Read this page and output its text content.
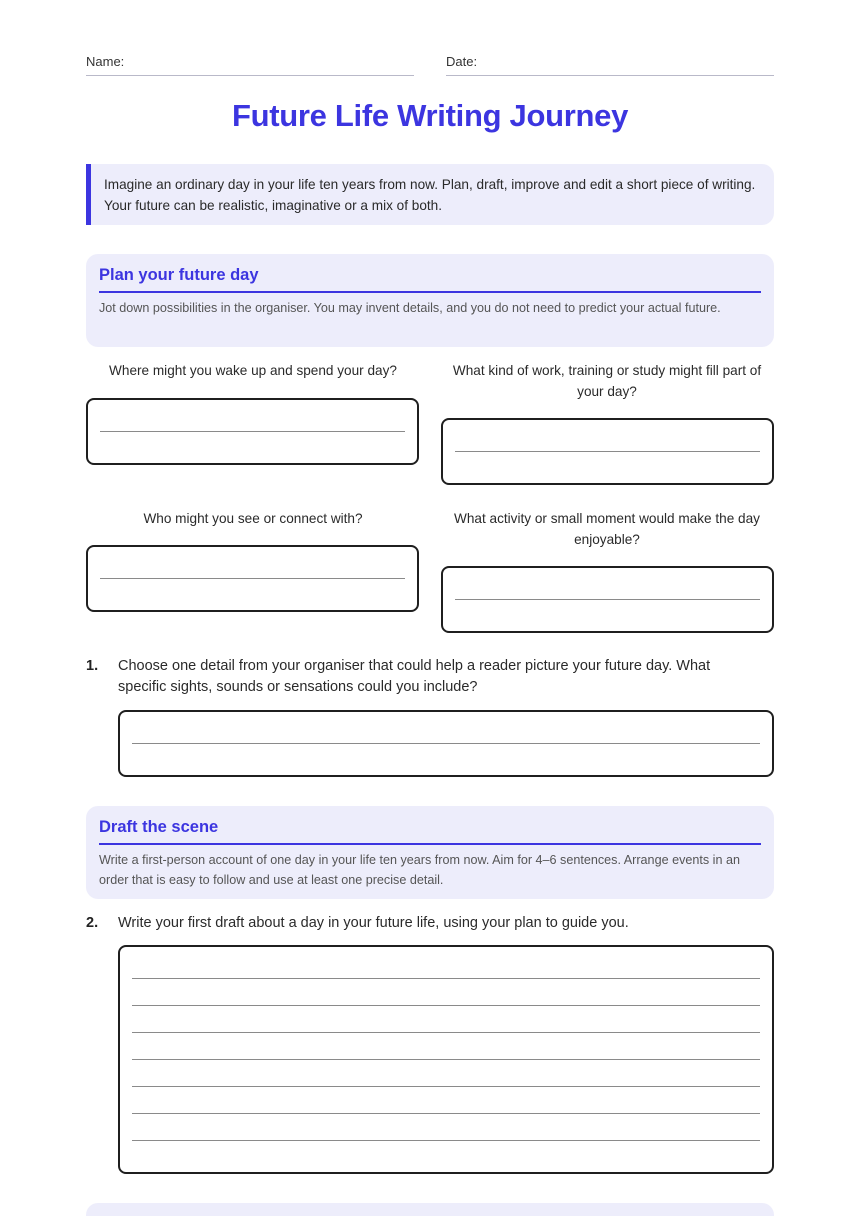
Name:	Date:
Future Life Writing Journey
Imagine an ordinary day in your life ten years from now. Plan, draft, improve and edit a short piece of writing. Your future can be realistic, imaginative or a mix of both.
Plan your future day
Jot down possibilities in the organiser. You may invent details, and you do not need to predict your actual future.
Where might you wake up and spend your day?	What kind of work, training or study might fill part of your day?
Who might you see or connect with?	What activity or small moment would make the day enjoyable?
1. Choose one detail from your organiser that could help a reader picture your future day. What specific sights, sounds or sensations could you include?
Draft the scene
Write a first-person account of one day in your life ten years from now. Aim for 4–6 sentences. Arrange events in an order that is easy to follow and use at least one precise detail.
2. Write your first draft about a day in your future life, using your plan to guide you.
